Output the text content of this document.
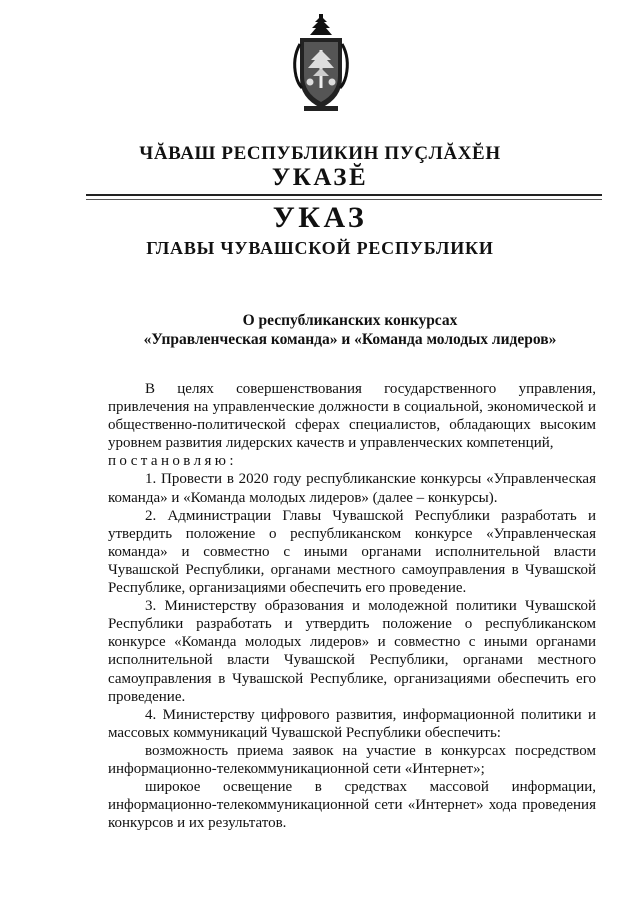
ЧĂВАШ РЕСПУБЛИКИН ПУÇЛĂХĔН
УКАЗĔ
УКАЗ
ГЛАВЫ ЧУВАШСКОЙ РЕСПУБЛИКИ
О республиканских конкурсах
«Управленческая команда» и «Команда молодых лидеров»

В целях совершенствования государственного управления, привлечения на управленческие должности в социальной, экономической и общественно-политической сферах специалистов, обладающих высоким уровнем развития лидерских качеств и управленческих компетенций,

постановляю:

1. Провести в 2020 году республиканские конкурсы «Управленческая команда» и «Команда молодых лидеров» (далее – конкурсы).

2. Администрации Главы Чувашской Республики разработать и утвердить положение о республиканском конкурсе «Управленческая команда» и совместно с иными органами исполнительной власти Чувашской Республики, органами местного самоуправления в Чувашской Республике, организациями обеспечить его проведение.

3. Министерству образования и молодежной политики Чувашской Республики разработать и утвердить положение о республиканском конкурсе «Команда молодых лидеров» и совместно с иными органами исполнительной власти Чувашской Республики, органами местного самоуправления в Чувашской Республике, организациями обеспечить его проведение.

4. Министерству цифрового развития, информационной политики и массовых коммуникаций Чувашской Республики обеспечить:

возможность приема заявок на участие в конкурсах посредством информационно-телекоммуникационной сети «Интернет»;

широкое освещение в средствах массовой информации, информационно-телекоммуникационной сети «Интернет» хода проведения конкурсов и их результатов.
